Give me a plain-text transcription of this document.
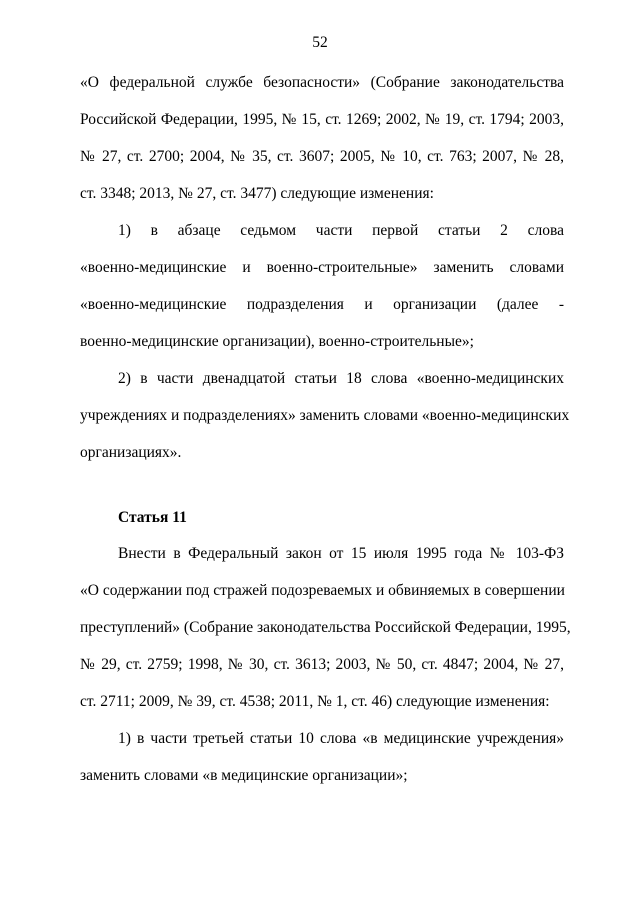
52
«О федеральной службе безопасности» (Собрание законодательства
Российской Федерации, 1995, № 15, ст. 1269; 2002, № 19, ст. 1794; 2003,
№ 27, ст. 2700; 2004, № 35, ст. 3607; 2005, № 10, ст. 763; 2007, № 28,
ст. 3348; 2013, № 27, ст. 3477) следующие изменения:
1) в абзаце седьмом части первой статьи 2 слова
«военно-медицинские и военно-строительные» заменить словами
«военно-медицинские подразделения и организации (далее -
военно-медицинские организации), военно-строительные»;
2) в части двенадцатой статьи 18 слова «военно-медицинских
учреждениях и подразделениях» заменить словами «военно-медицинских
организациях».
Статья 11
Внести в Федеральный закон от 15 июля 1995 года № 103-ФЗ
«О содержании под стражей подозреваемых и обвиняемых в совершении
преступлений» (Собрание законодательства Российской Федерации, 1995,
№ 29, ст. 2759; 1998, № 30, ст. 3613; 2003, № 50, ст. 4847; 2004, № 27,
ст. 2711; 2009, № 39, ст. 4538; 2011, № 1, ст. 46) следующие изменения:
1) в части третьей статьи 10 слова «в медицинские учреждения»
заменить словами «в медицинские организации»;
